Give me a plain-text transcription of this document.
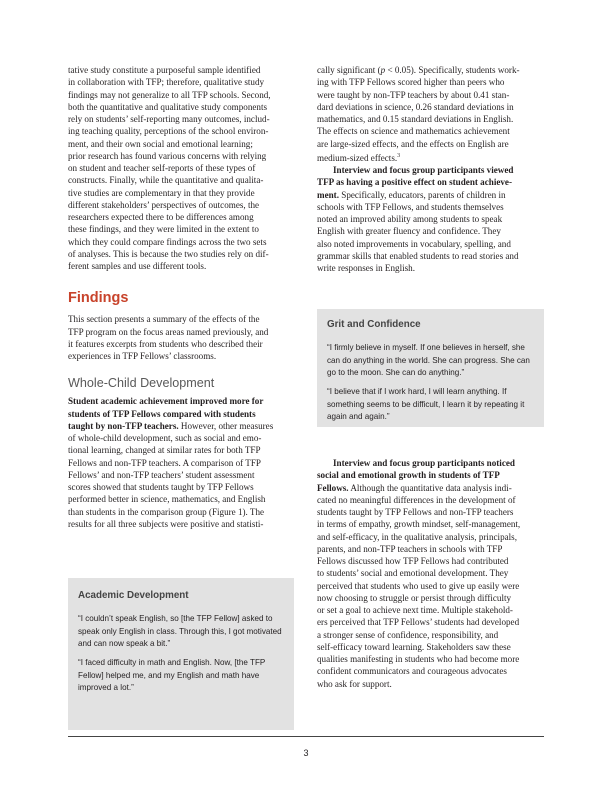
tative study constitute a purposeful sample identified

in collaboration with TFP; therefore, qualitative study

findings may not generalize to all TFP schools. Second,

both the quantitative and qualitative study components

rely on students’ self-reporting many outcomes, includ-

ing teaching quality, perceptions of the school environ-

ment, and their own social and emotional learning;

prior research has found various concerns with relying

on student and teacher self-reports of these types of

constructs. Finally, while the quantitative and qualita-

tive studies are complementary in that they provide

different stakeholders’ perspectives of outcomes, the

researchers expected there to be differences among

these findings, and they were limited in the extent to

which they could compare findings across the two sets

of analyses. This is because the two studies rely on dif-

ferent samples and use different tools.

Findings

This section presents a summary of the effects of the

TFP program on the focus areas named previously, and

it features excerpts from students who described their

experiences in TFP Fellows’ classrooms.

Whole-Child Development

Student academic achievement improved more for

students of TFP Fellows compared with students

taught by non-TFP teachers. However, other measures

of whole-child development, such as social and emo-

tional learning, changed at similar rates for both TFP

Fellows and non-TFP teachers. A comparison of TFP

Fellows’ and non-TFP teachers’ student assessment

scores showed that students taught by TFP Fellows

performed better in science, mathematics, and English

than students in the comparison group (Figure 1). The

results for all three subjects were positive and statisti-

Academic Development

“I couldn’t speak English, so [the TFP Fellow] asked to speak only English in class. Through this, I got motivated and can now speak a bit.”

“I faced difficulty in math and English. Now, [the TFP Fellow] helped me, and my English and math have improved a lot.”

cally significant (p < 0.05). Specifically, students work-

ing with TFP Fellows scored higher than peers who

were taught by non-TFP teachers by about 0.41 stan-

dard deviations in science, 0.26 standard deviations in

mathematics, and 0.15 standard deviations in English.

The effects on science and mathematics achievement

are large-sized effects, and the effects on English are

medium-sized effects.$^3$

Interview and focus group participants viewed

TFP as having a positive effect on student achieve-

ment. Specifically, educators, parents of children in

schools with TFP Fellows, and students themselves

noted an improved ability among students to speak

English with greater fluency and confidence. They

also noted improvements in vocabulary, spelling, and

grammar skills that enabled students to read stories and

write responses in English.

Grit and Confidence

“I firmly believe in myself. If one believes in herself, she can do anything in the world. She can progress. She can go to the moon. She can do anything.”

“I believe that if I work hard, I will learn anything. If something seems to be difficult, I learn it by repeating it again and again.”

Interview and focus group participants noticed

social and emotional growth in students of TFP

Fellows. Although the quantitative data analysis indi-

cated no meaningful differences in the development of

students taught by TFP Fellows and non-TFP teachers

in terms of empathy, growth mindset, self-management,

and self-efficacy, in the qualitative analysis, principals,

parents, and non-TFP teachers in schools with TFP

Fellows discussed how TFP Fellows had contributed

to students’ social and emotional development. They

perceived that students who used to give up easily were

now choosing to struggle or persist through difficulty

or set a goal to achieve next time. Multiple stakehold-

ers perceived that TFP Fellows’ students had developed

a stronger sense of confidence, responsibility, and

self-efficacy toward learning. Stakeholders saw these

qualities manifesting in students who had become more

confident communicators and courageous advocates

who ask for support.

3
